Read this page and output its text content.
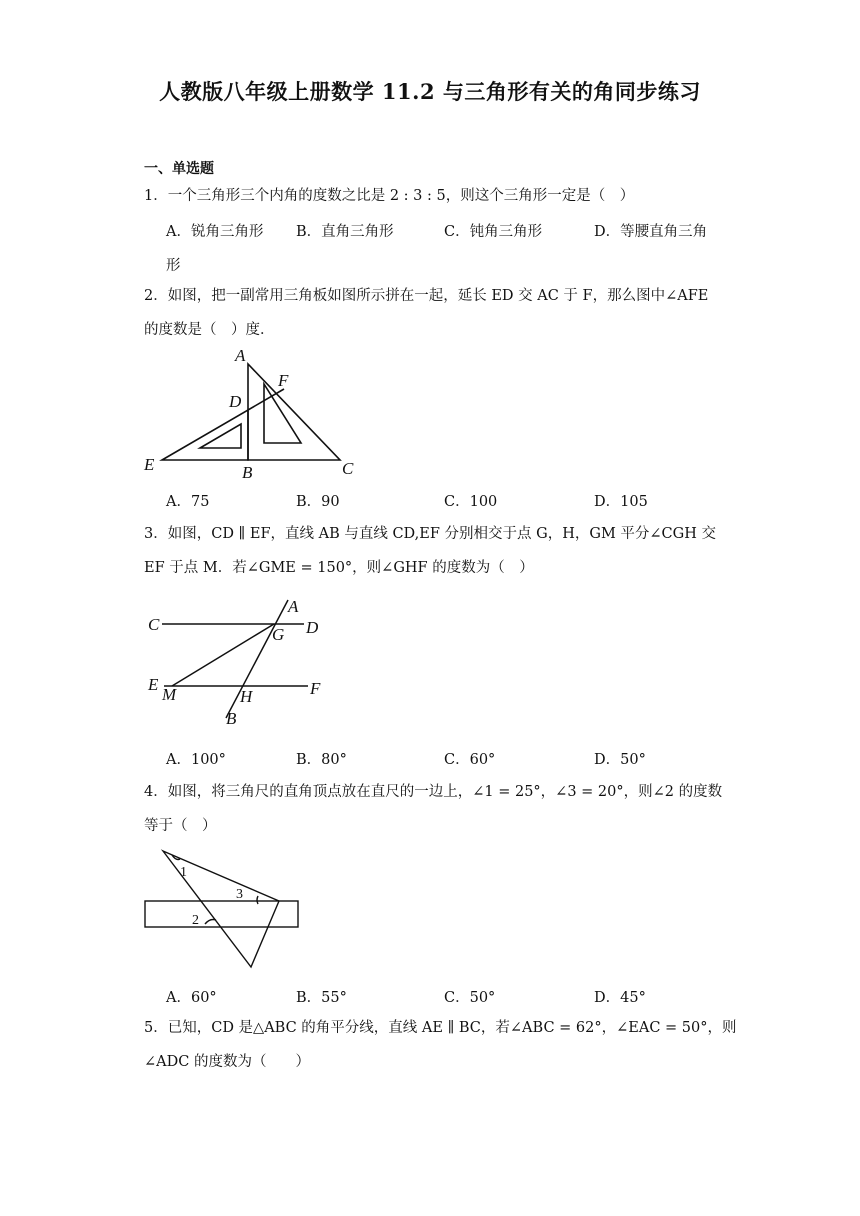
人教版八年级上册数学 11.2 与三角形有关的角同步练习
一、单选题
1．一个三角形三个内角的度数之比是 2 : 3 : 5，则这个三角形一定是（　）
A．锐角三角形 B．直角三角形	C．钝角三角形	D．等腰直角三角
形
2．如图，把一副常用三角板如图所示拼在一起，延长 ED 交 AC 于 F，那么图中∠AFE
的度数是（　）度．
A
F
D
E	B	C
A．75	B．90	C．100	D．105
3．如图，CD ∥ EF，直线 AB 与直线 CD,EF 分别相交于点 G，H，GM 平分∠CGH 交
EF 于点 M．若∠GME = 150°，则∠GHF 的度数为（　）
A
C
G D
E
M	H	F
B
A．100°	B．80°	C．60°	D．50°
4．如图，将三角尺的直角顶点放在直尺的一边上，∠1 = 25°，∠3 = 20°，则∠2 的度数
等于（　）
1
3
2
A．60°	B．55°	C．50°	D．45°
5．已知，CD 是△ABC 的角平分线，直线 AE ∥ BC，若∠ABC = 62°，∠EAC = 50°，则
∠ADC 的度数为（　　）
